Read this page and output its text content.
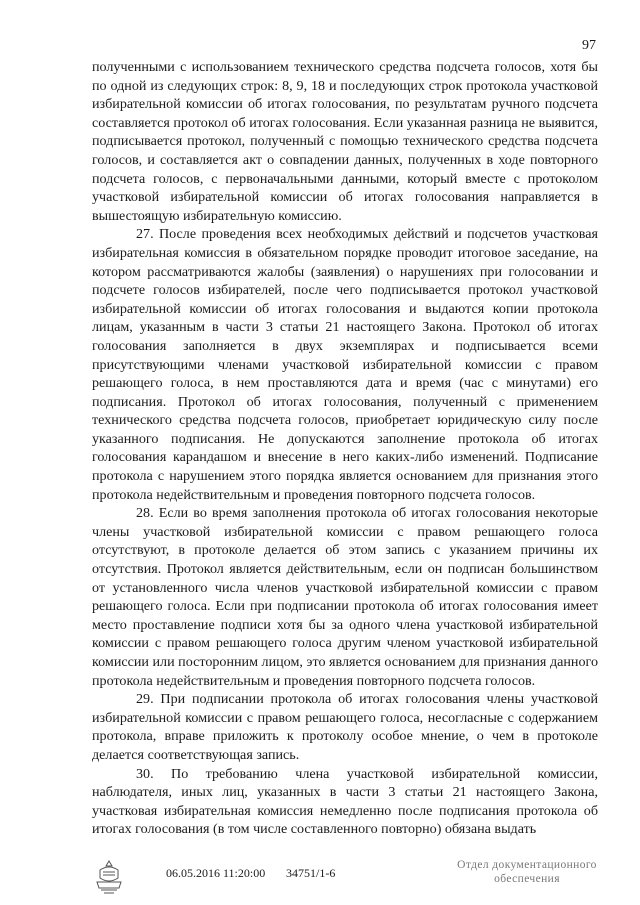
97

полученными с использованием технического средства подсчета голосов, хотя бы по одной из следующих строк: 8, 9, 18 и последующих строк протокола участковой избирательной комиссии об итогах голосования, по результатам ручного подсчета составляется протокол об итогах голосования. Если указанная разница не выявится, подписывается протокол, полученный с помощью технического средства подсчета голосов, и составляется акт о совпадении данных, полученных в ходе повторного подсчета голосов, с первоначальными данными, который вместе с протоколом участковой избирательной комиссии об итогах голосования направляется в вышестоящую избирательную комиссию.

27. После проведения всех необходимых действий и подсчетов участковая избирательная комиссия в обязательном порядке проводит итоговое заседание, на котором рассматриваются жалобы (заявления) о нарушениях при голосовании и подсчете голосов избирателей, после чего подписывается протокол участковой избирательной комиссии об итогах голосования и выдаются копии протокола лицам, указанным в части 3 статьи 21 настоящего Закона. Протокол об итогах голосования заполняется в двух экземплярах и подписывается всеми присутствующими членами участковой избирательной комиссии с правом решающего голоса, в нем проставляются дата и время (час с минутами) его подписания. Протокол об итогах голосования, полученный с применением технического средства подсчета голосов, приобретает юридическую силу после указанного подписания. Не допускаются заполнение протокола об итогах голосования карандашом и внесение в него каких-либо изменений. Подписание протокола с нарушением этого порядка является основанием для признания этого протокола недействительным и проведения повторного подсчета голосов.

28. Если во время заполнения протокола об итогах голосования некоторые члены участковой избирательной комиссии с правом решающего голоса отсутствуют, в протоколе делается об этом запись с указанием причины их отсутствия. Протокол является действительным, если он подписан большинством от установленного числа членов участковой избирательной комиссии с правом решающего голоса. Если при подписании протокола об итогах голосования имеет место проставление подписи хотя бы за одного члена участковой избирательной комиссии с правом решающего голоса другим членом участковой избирательной комиссии или посторонним лицом, это является основанием для признания данного протокола недействительным и проведения повторного подсчета голосов.

29. При подписании протокола об итогах голосования члены участковой избирательной комиссии с правом решающего голоса, несогласные с содержанием протокола, вправе приложить к протоколу особое мнение, о чем в протоколе делается соответствующая запись.

30. По требованию члена участковой избирательной комиссии, наблюдателя, иных лиц, указанных в части 3 статьи 21 настоящего Закона, участковая избирательная комиссия немедленно после подписания протокола об итогах голосования (в том числе составленного повторно) обязана выдать

06.05.2016 11:20:00 34751/1-6
Отдел документационного
обеспечения
